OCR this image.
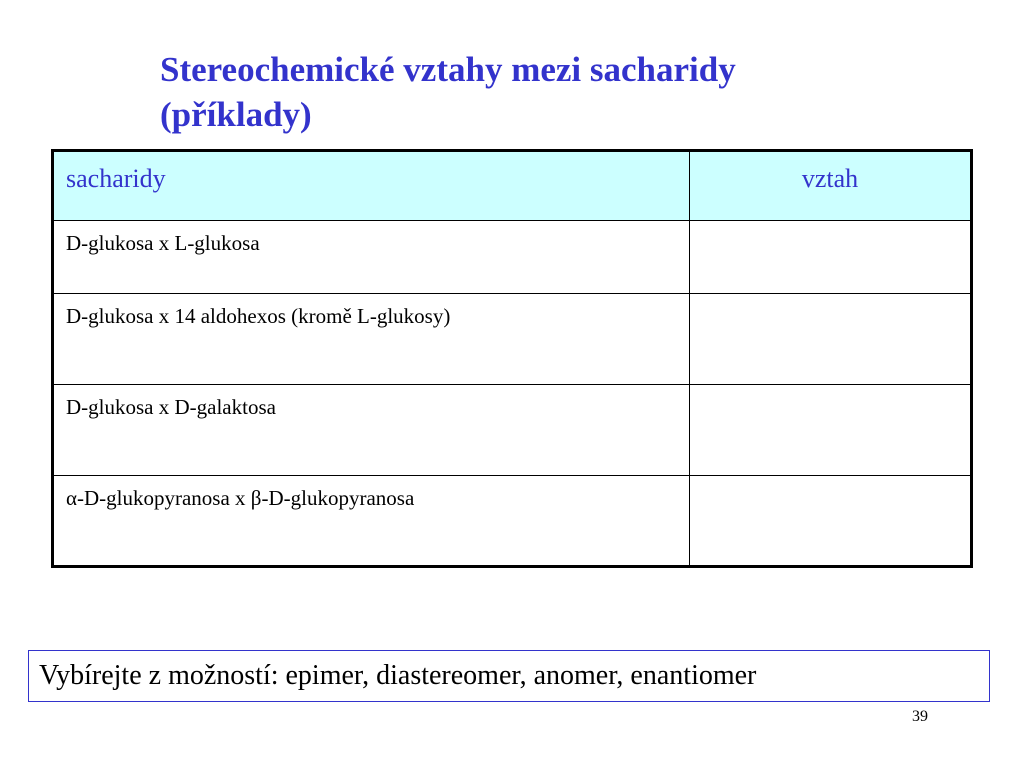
Stereochemické vztahy mezi sacharidy
(příklady)
sacharidy	vztah
D-glukosa x L-glukosa	
D-glukosa x 14 aldohexos (kromě L-glukosy)	
D-glukosa x D-galaktosa	
α-D-glukopyranosa x β-D-glukopyranosa	
Vybírejte z možností: epimer, diastereomer, anomer, enantiomer
39
